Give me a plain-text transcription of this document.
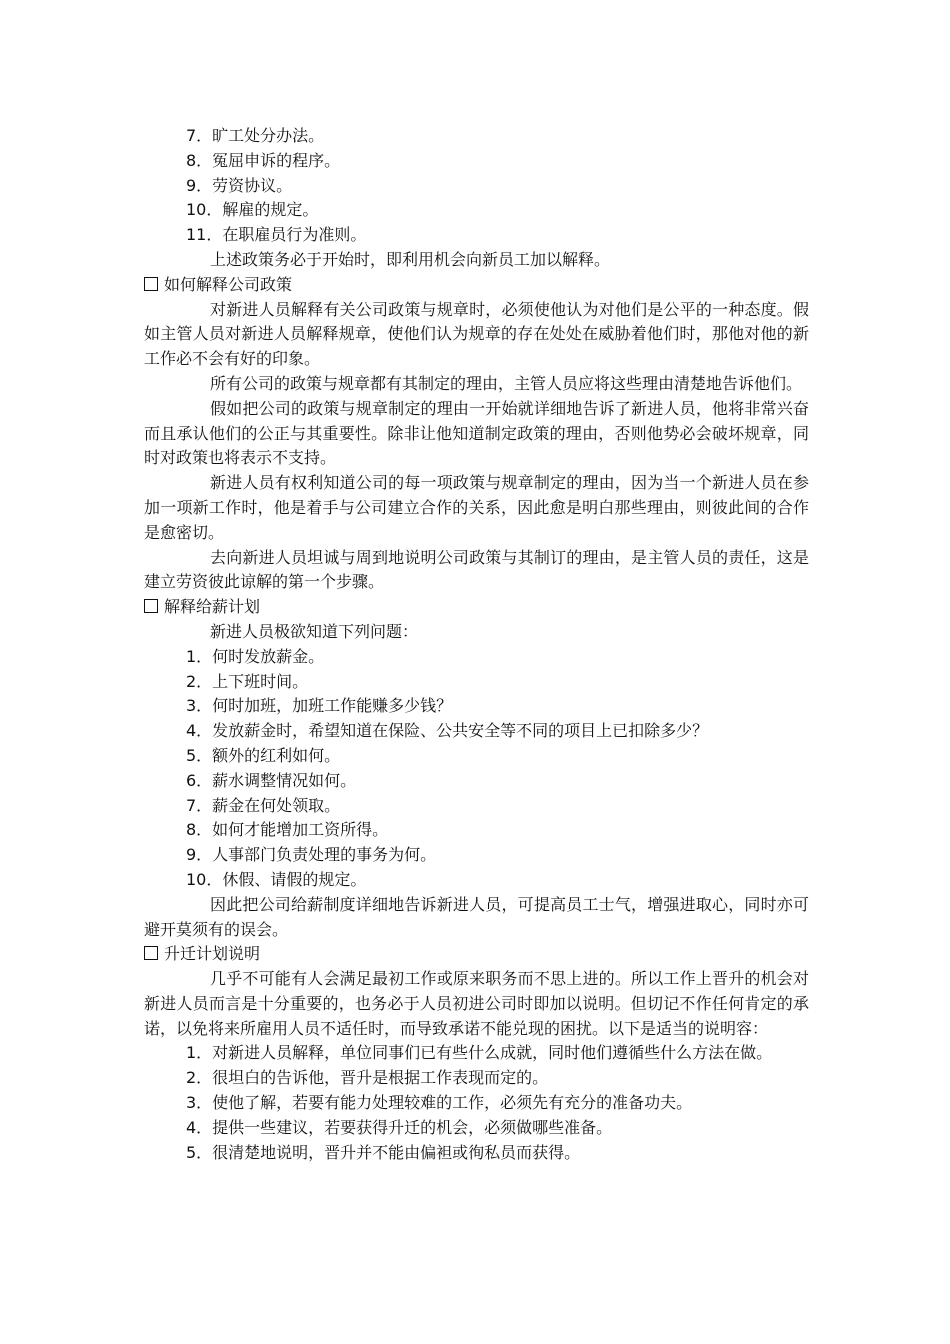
7．旷工处分办法。
8．冤屈申诉的程序。
9．劳资协议。
10．解雇的规定。
11．在职雇员行为准则。
上述政策务必于开始时，即利用机会向新员工加以解释。
如何解释公司政策

对新进人员解释有关公司政策与规章时，必须使他认为对他们是公平的一种态度。假如主管人员对新进人员解释规章，使他们认为规章的存在处处在威胁着他们时，那他对他的新工作必不会有好的印象。

所有公司的政策与规章都有其制定的理由，主管人员应将这些理由清楚地告诉他们。

假如把公司的政策与规章制定的理由一开始就详细地告诉了新进人员，他将非常兴奋而且承认他们的公正与其重要性。除非让他知道制定政策的理由，否则他势必会破坏规章，同时对政策也将表示不支持。

新进人员有权利知道公司的每一项政策与规章制定的理由，因为当一个新进人员在参加一项新工作时，他是着手与公司建立合作的关系，因此愈是明白那些理由，则彼此间的合作是愈密切。

去向新进人员坦诚与周到地说明公司政策与其制订的理由，是主管人员的责任，这是建立劳资彼此谅解的第一个步骤。

解释给薪计划
新进人员极欲知道下列问题：
1．何时发放薪金。
2．上下班时间。
3．何时加班，加班工作能赚多少钱？
4．发放薪金时，希望知道在保险、公共安全等不同的项目上已扣除多少？
5．额外的红利如何。
6．薪水调整情况如何。
7．薪金在何处领取。
8．如何才能增加工资所得。
9．人事部门负责处理的事务为何。
10．休假、请假的规定。

因此把公司给薪制度详细地告诉新进人员，可提高员工士气，增强进取心，同时亦可避开莫须有的误会。

升迁计划说明

几乎不可能有人会满足最初工作或原来职务而不思上进的。所以工作上晋升的机会对新进人员而言是十分重要的，也务必于人员初进公司时即加以说明。但切记不作任何肯定的承诺，以免将来所雇用人员不适任时，而导致承诺不能兑现的困扰。以下是适当的说明容：

1．对新进人员解释，单位同事们已有些什么成就，同时他们遵循些什么方法在做。
2．很坦白的告诉他，晋升是根据工作表现而定的。
3．使他了解，若要有能力处理较难的工作，必须先有充分的准备功夫。
4．提供一些建议，若要获得升迁的机会，必须做哪些准备。
5．很清楚地说明，晋升并不能由偏袒或徇私员而获得。
